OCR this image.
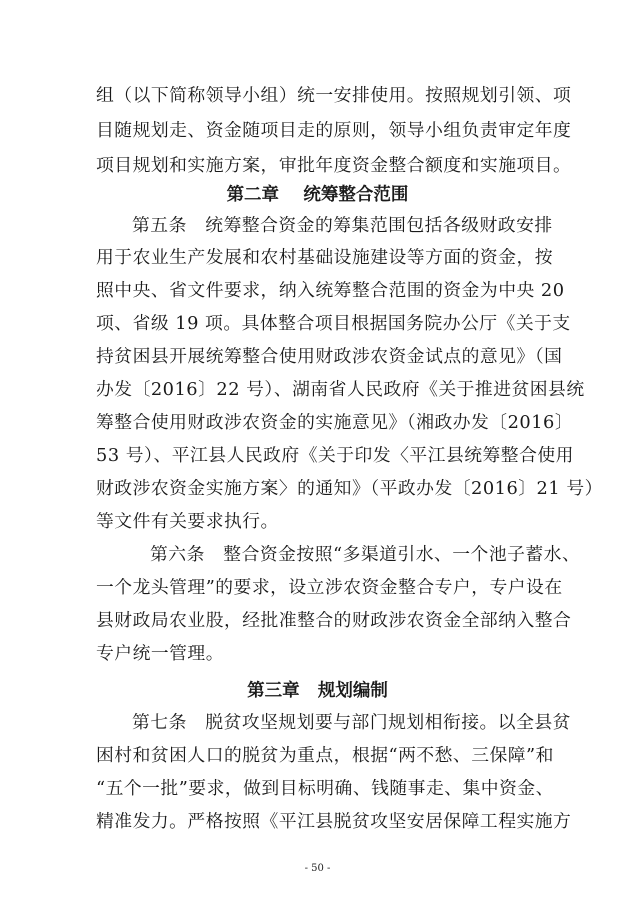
组（以下简称领导小组）统一安排使用。按照规划引领、项
目随规划走、资金随项目走的原则，领导小组负责审定年度
项目规划和实施方案，审批年度资金整合额度和实施项目。
第二章    统筹整合范围
第五条   统筹整合资金的筹集范围包括各级财政安排
用于农业生产发展和农村基础设施建设等方面的资金，按
照中央、省文件要求，纳入统筹整合范围的资金为中央 20
项、省级 19 项。具体整合项目根据国务院办公厅《关于支
持贫困县开展统筹整合使用财政涉农资金试点的意见》（国
办发〔2016〕22 号）、湖南省人民政府《关于推进贫困县统
筹整合使用财政涉农资金的实施意见》（湘政办发〔2016〕
53 号）、平江县人民政府《关于印发〈平江县统筹整合使用
财政涉农资金实施方案〉的通知》（平政办发〔2016〕21 号）
等文件有关要求执行。
第六条   整合资金按照“多渠道引水、一个池子蓄水、
一个龙头管理”的要求，设立涉农资金整合专户，专户设在
县财政局农业股，经批准整合的财政涉农资金全部纳入整合
专户统一管理。
第三章   规划编制
第七条   脱贫攻坚规划要与部门规划相衔接。以全县贫
困村和贫困人口的脱贫为重点，根据“两不愁、三保障”和
“五个一批”要求，做到目标明确、钱随事走、集中资金、
精准发力。严格按照《平江县脱贫攻坚安居保障工程实施方
- 50 -
